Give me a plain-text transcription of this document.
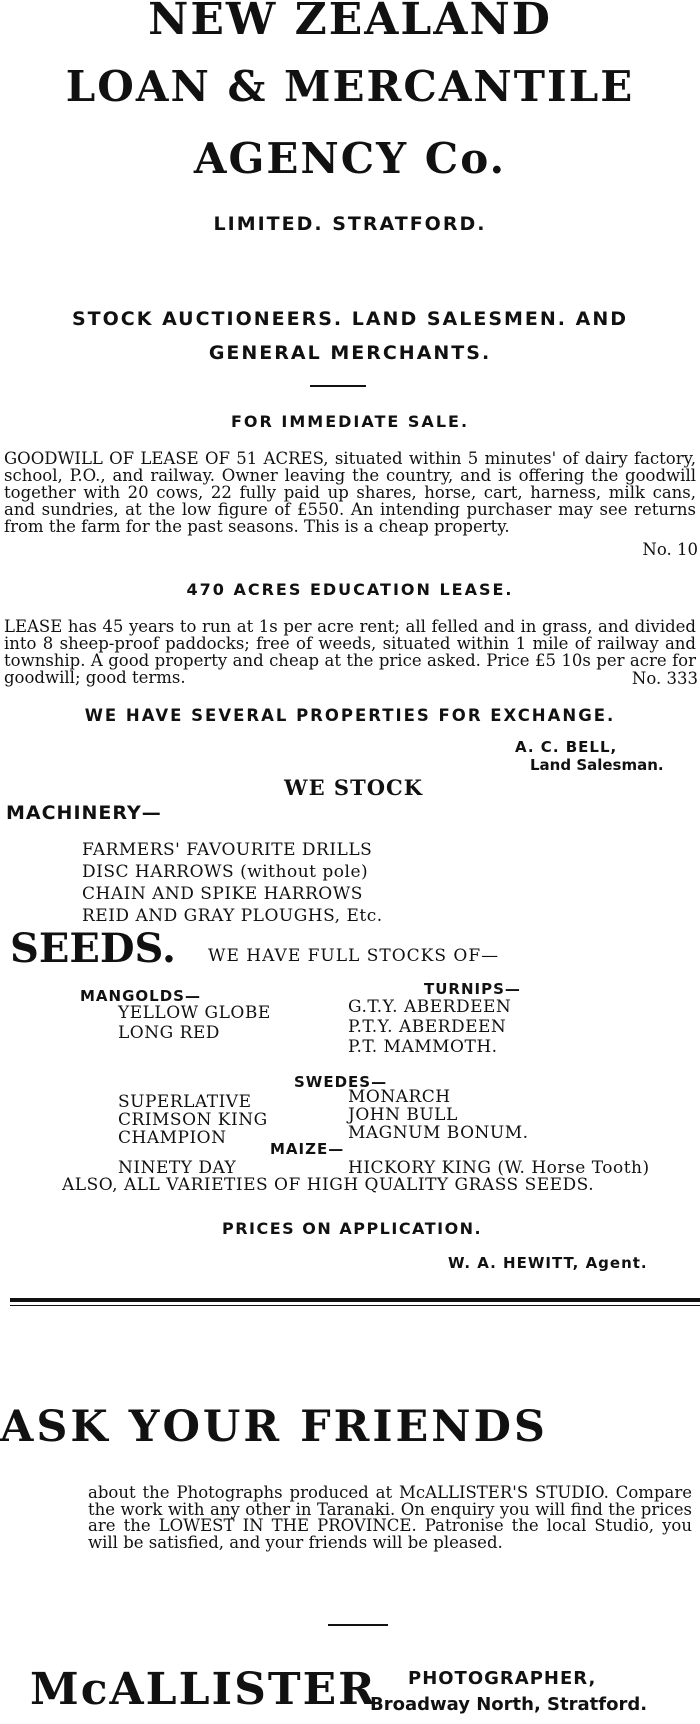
NEW ZEALAND
LOAN & MERCANTILE
AGENCY Co.
LIMITED. STRATFORD.
STOCK AUCTIONEERS. LAND SALESMEN. AND
GENERAL MERCHANTS.
FOR IMMEDIATE SALE.
GOODWILL OF LEASE OF 51 ACRES, situated within 5 minutes' of dairy factory, school, P.O., and railway. Owner leaving the country, and is offering the goodwill together with 20 cows, 22 fully paid up shares, horse, cart, harness, milk cans, and sundries, at the low figure of £550. An intending purchaser may see returns from the farm for the past seasons. This is a cheap property.
No. 10
470 ACRES EDUCATION LEASE.
LEASE has 45 years to run at 1s per acre rent; all felled and in grass, and divided into 8 sheep-proof paddocks; free of weeds, situated within 1 mile of railway and township. A good property and cheap at the price asked. Price £5 10s per acre for goodwill; good terms.	No. 333
WE HAVE SEVERAL PROPERTIES FOR EXCHANGE.
A. C. BELL,
Land Salesman.
WE STOCK
MACHINERY—
FARMERS' FAVOURITE DRILLS
DISC HARROWS (without pole)
CHAIN AND SPIKE HARROWS
REID AND GRAY PLOUGHS, Etc.
SEEDS. WE HAVE FULL STOCKS OF—
MANGOLDS—
YELLOW GLOBE
LONG RED
TURNIPS—
G.T.Y. ABERDEEN
P.T.Y. ABERDEEN
P.T. MAMMOTH.
SWEDES—
SUPERLATIVE
CRIMSON KING
CHAMPION
MONARCH
JOHN BULL
MAGNUM BONUM.
MAIZE—
NINETY DAY	HICKORY KING (W. Horse Tooth)
ALSO, ALL VARIETIES OF HIGH QUALITY GRASS SEEDS.
PRICES ON APPLICATION.
W. A. HEWITT, Agent.
ASK YOUR FRIENDS
about the Photographs produced at McALLISTER'S STUDIO. Compare the work with any other in Taranaki. On enquiry you will find the prices are the LOWEST IN THE PROVINCE. Patronise the local Studio, you will be satisfied, and your friends will be pleased.
McALLISTER PHOTOGRAPHER,
Broadway North, Stratford.
